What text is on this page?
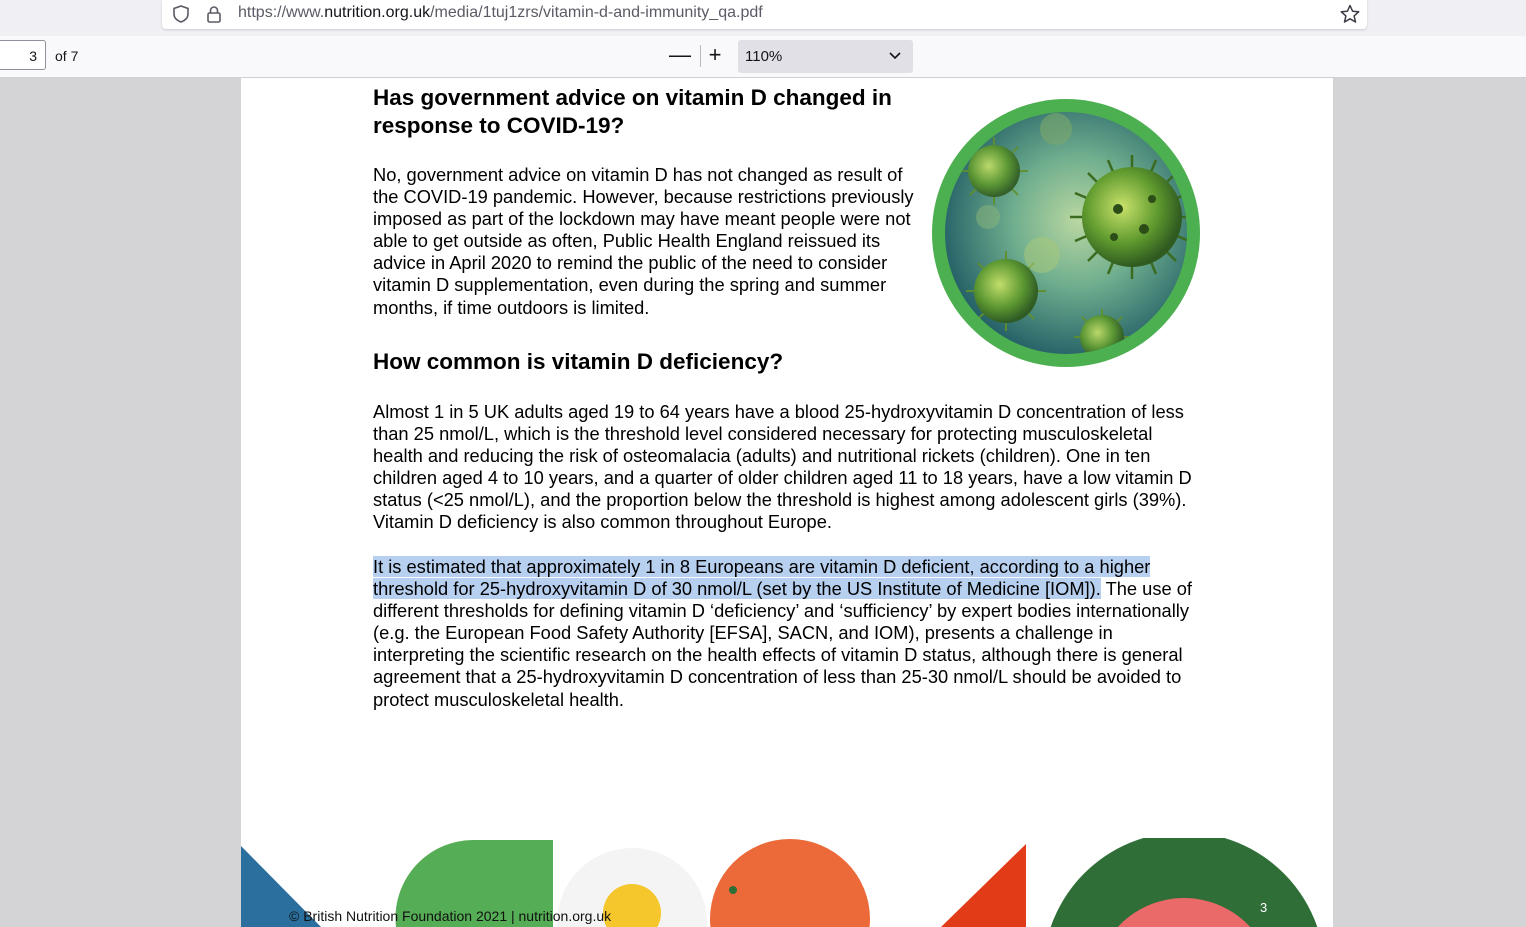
https://www.nutrition.org.uk/media/1tuj1zrs/vitamin-d-and-immunity_qa.pdf
3	of 7	— +	110%
Has government advice on vitamin D changed in response to COVID-19?

No, government advice on vitamin D has not changed as result of the COVID-19 pandemic. However, because restrictions previously imposed as part of the lockdown may have meant people were not able to get outside as often, Public Health England reissued its advice in April 2020 to remind the public of the need to consider vitamin D supplementation, even during the spring and summer months, if time outdoors is limited.

How common is vitamin D deficiency?

Almost 1 in 5 UK adults aged 19 to 64 years have a blood 25-hydroxyvitamin D concentration of less than 25 nmol/L, which is the threshold level considered necessary for protecting musculoskeletal health and reducing the risk of osteomalacia (adults) and nutritional rickets (children). One in ten children aged 4 to 10 years, and a quarter of older children aged 11 to 18 years, have a low vitamin D status (<25 nmol/L), and the proportion below the threshold is highest among adolescent girls (39%). Vitamin D deficiency is also common throughout Europe.

It is estimated that approximately 1 in 8 Europeans are vitamin D deficient, according to a higher threshold for 25-hydroxyvitamin D of 30 nmol/L (set by the US Institute of Medicine [IOM]). The use of different thresholds for defining vitamin D ‘deficiency’ and ‘sufficiency’ by expert bodies internationally (e.g. the European Food Safety Authority [EFSA], SACN, and IOM), presents a challenge in interpreting the scientific research on the health effects of vitamin D status, although there is general agreement that a 25-hydroxyvitamin D concentration of less than 25-30 nmol/L should be avoided to protect musculoskeletal health.

© British Nutrition Foundation 2021 | nutrition.org.uk
3
